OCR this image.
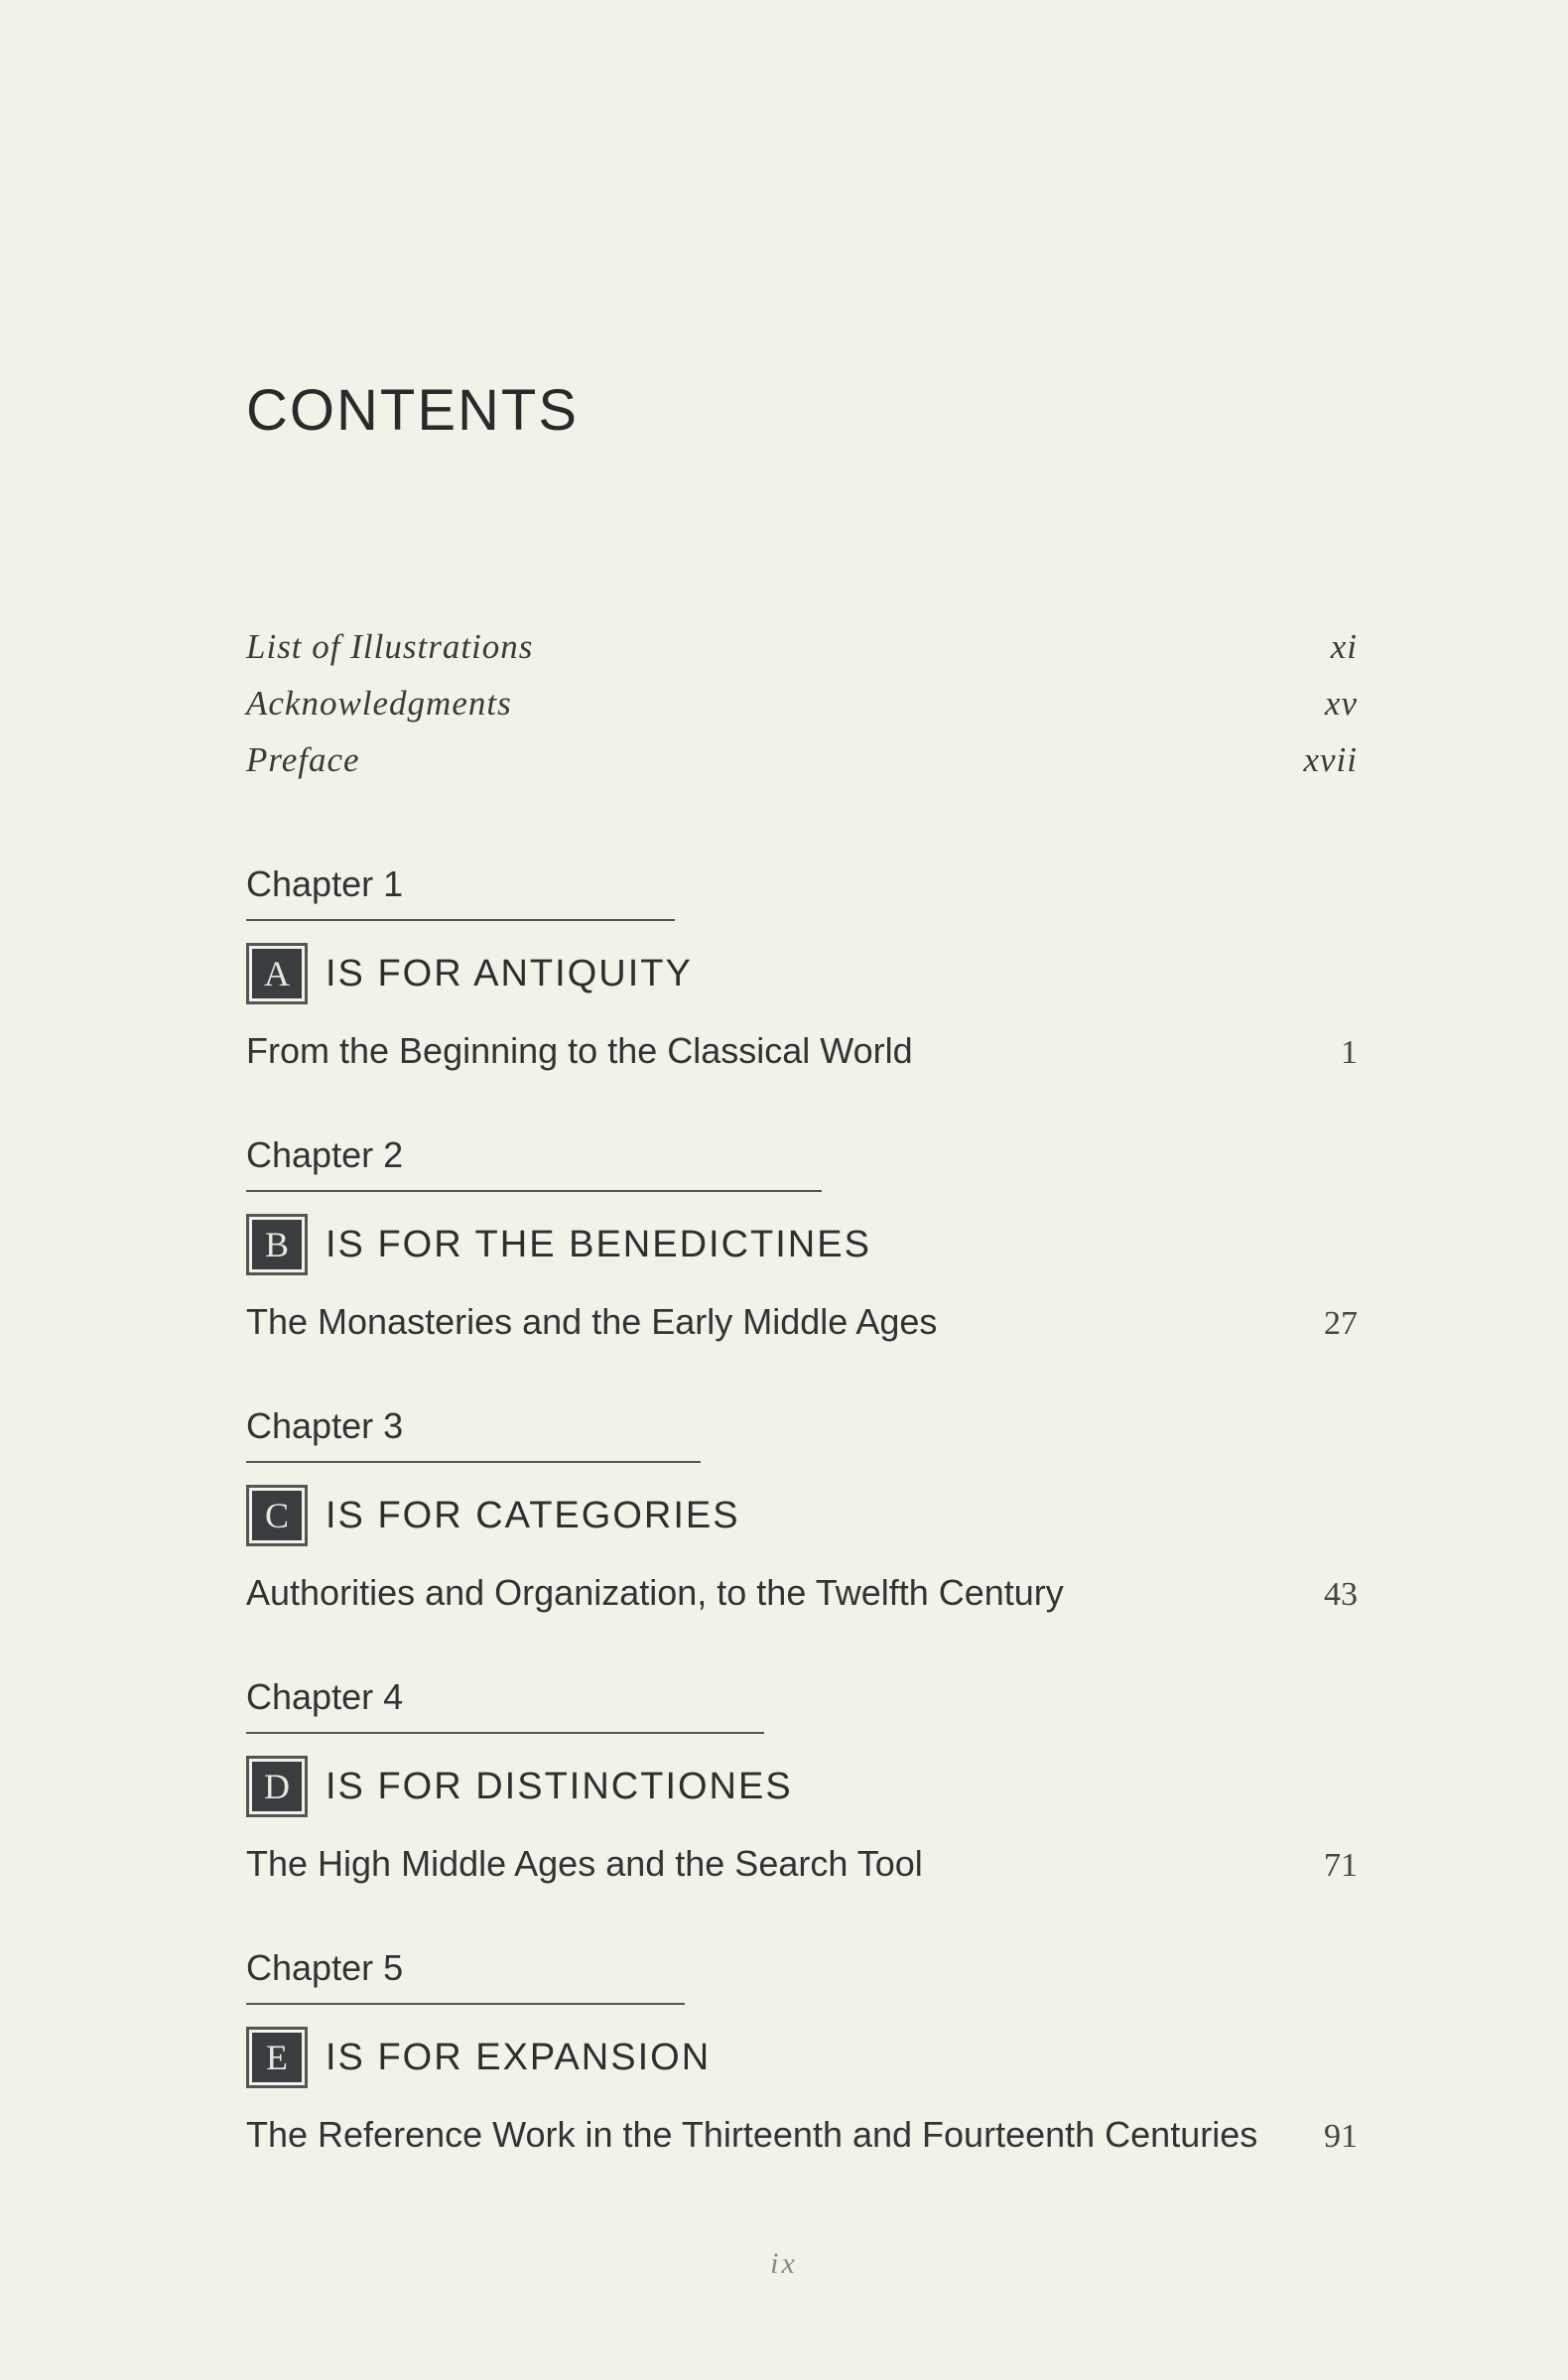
CONTENTS
List of Illustrations	xi
Acknowledgments	xv
Preface	xvii
Chapter 1
A IS FOR ANTIQUITY
From the Beginning to the Classical World	1
Chapter 2
B IS FOR THE BENEDICTINES
The Monasteries and the Early Middle Ages	27
Chapter 3
C IS FOR CATEGORIES
Authorities and Organization, to the Twelfth Century	43
Chapter 4
D IS FOR DISTINCTIONES
The High Middle Ages and the Search Tool	71
Chapter 5
E	IS FOR EXPANSION
The Reference Work in the Thirteenth and Fourteenth Centuries	91
ix
